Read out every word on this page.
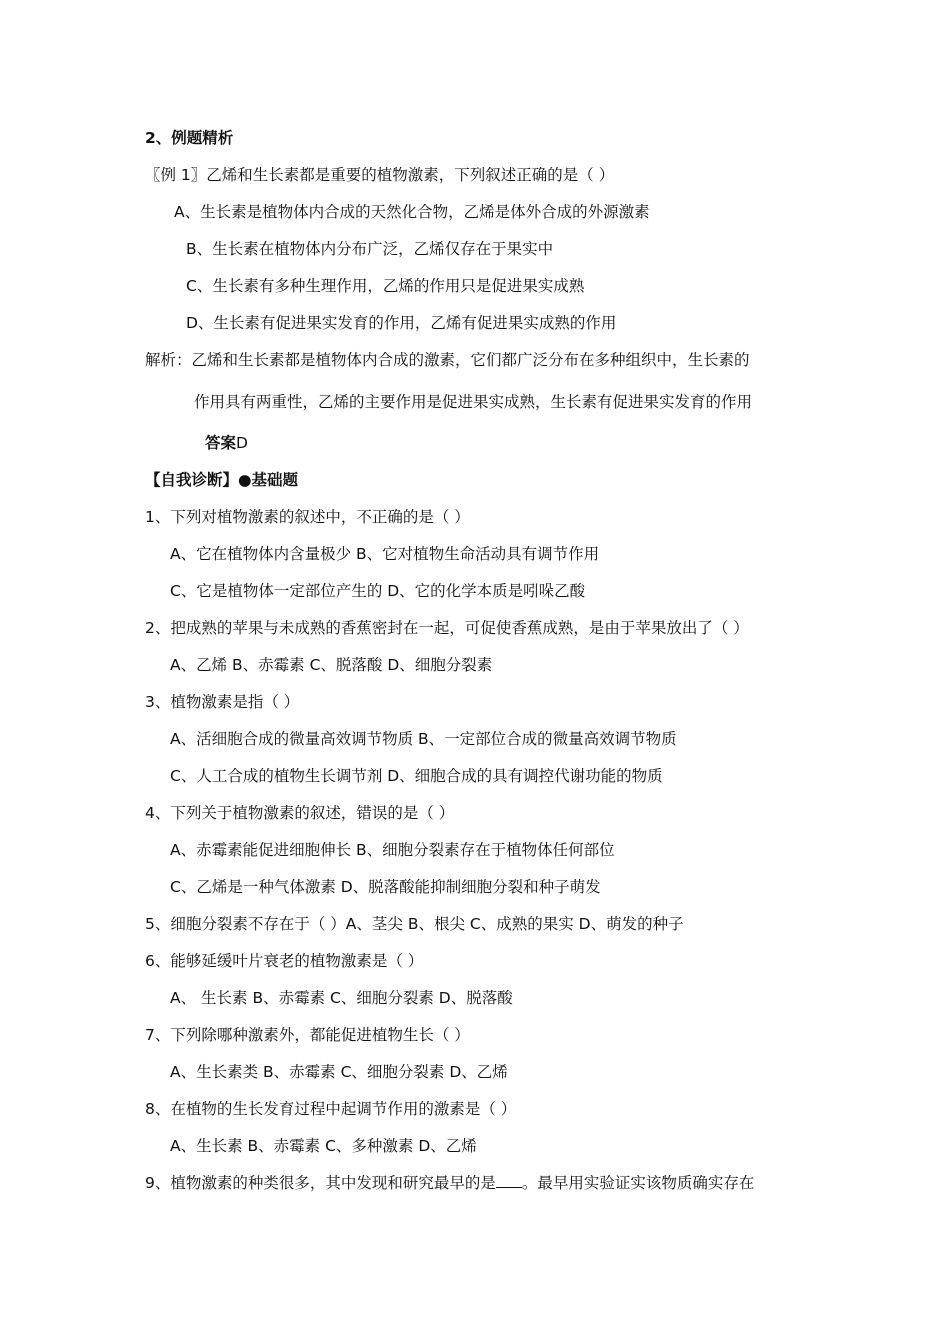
2、例题精析
〖例 1〗乙烯和生长素都是重要的植物激素，下列叙述正确的是（ ）
A、生长素是植物体内合成的天然化合物，乙烯是体外合成的外源激素
B、生长素在植物体内分布广泛，乙烯仅存在于果实中
C、生长素有多种生理作用，乙烯的作用只是促进果实成熟
D、生长素有促进果实发育的作用，乙烯有促进果实成熟的作用
解析：乙烯和生长素都是植物体内合成的激素，它们都广泛分布在多种组织中，生长素的
作用具有两重性，乙烯的主要作用是促进果实成熟，生长素有促进果实发育的作用
答案D
【自我诊断】●基础题
1、下列对植物激素的叙述中，不正确的是（ ）
A、它在植物体内含量极少 B、它对植物生命活动具有调节作用
C、它是植物体一定部位产生的 D、它的化学本质是吲哚乙酸
2、把成熟的苹果与未成熟的香蕉密封在一起，可促使香蕉成熟，是由于苹果放出了（ ）
A、乙烯 B、赤霉素 C、脱落酸 D、细胞分裂素
3、植物激素是指（ ）
A、活细胞合成的微量高效调节物质 B、一定部位合成的微量高效调节物质
C、人工合成的植物生长调节剂 D、细胞合成的具有调控代谢功能的物质
4、下列关于植物激素的叙述，错误的是（ ）
A、赤霉素能促进细胞伸长 B、细胞分裂素存在于植物体任何部位
C、乙烯是一种气体激素 D、脱落酸能抑制细胞分裂和种子萌发
5、细胞分裂素不存在于（ ）A、茎尖 B、根尖 C、成熟的果实 D、萌发的种子
6、能够延缓叶片衰老的植物激素是（ ）
A、 生长素 B、赤霉素 C、细胞分裂素 D、脱落酸
7、下列除哪种激素外，都能促进植物生长（ ）
A、生长素类 B、赤霉素 C、细胞分裂素 D、乙烯
8、在植物的生长发育过程中起调节作用的激素是（ ）
A、生长素 B、赤霉素 C、多种激素 D、乙烯
9、植物激素的种类很多，其中发现和研究最早的是 。最早用实验证实该物质确实存在
